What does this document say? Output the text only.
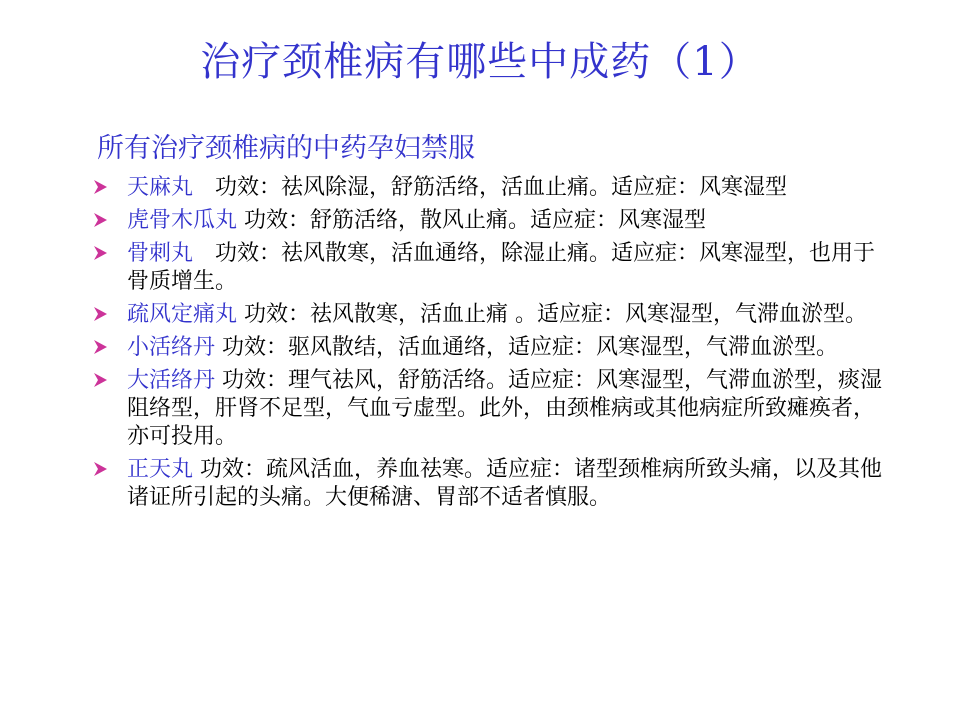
治疗颈椎病有哪些中成药（1）
所有治疗颈椎病的中药孕妇禁服
天麻丸　功效：祛风除湿，舒筋活络，活血止痛。适应症：风寒湿型
虎骨木瓜丸 功效：舒筋活络，散风止痛。适应症：风寒湿型
骨刺丸　功效：祛风散寒，活血通络，除湿止痛。适应症：风寒湿型，也用于骨质增生。
疏风定痛丸 功效：祛风散寒，活血止痛 。适应症：风寒湿型，气滞血淤型。
小活络丹 功效：驱风散结，活血通络，适应症：风寒湿型，气滞血淤型。
大活络丹 功效：理气祛风，舒筋活络。适应症：风寒湿型，气滞血淤型，痰湿阻络型，肝肾不足型，气血亏虚型。此外，由颈椎病或其他病症所致瘫痪者，亦可投用。
正天丸 功效：疏风活血，养血祛寒。适应症：诸型颈椎病所致头痛，以及其他诸证所引起的头痛。大便稀溏、胃部不适者慎服。
